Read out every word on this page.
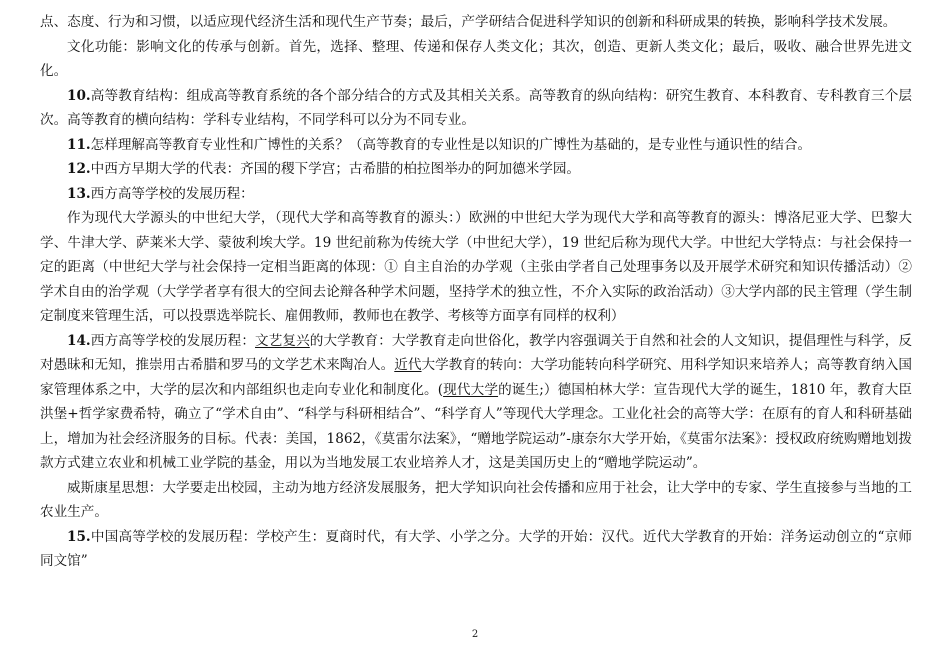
点、态度、行为和习惯，以适应现代经济生活和现代生产节奏；最后，产学研结合促进科学知识的创新和科研成果的转换，影响科学技术发展。

文化功能：影响文化的传承与创新。首先，选择、整理、传递和保存人类文化；其次，创造、更新人类文化；最后，吸收、融合世界先进文化。

10.高等教育结构：组成高等教育系统的各个部分结合的方式及其相关关系。高等教育的纵向结构：研究生教育、本科教育、专科教育三个层次。高等教育的横向结构：学科专业结构，不同学科可以分为不同专业。

11.怎样理解高等教育专业性和广博性的关系？（高等教育的专业性是以知识的广博性为基础的，是专业性与通识性的结合。

12.中西方早期大学的代表：齐国的稷下学宫；古希腊的柏拉图举办的阿加德米学园。

13.西方高等学校的发展历程：

作为现代大学源头的中世纪大学，（现代大学和高等教育的源头：）欧洲的中世纪大学为现代大学和高等教育的源头：博洛尼亚大学、巴黎大学、牛津大学、萨莱米大学、蒙彼利埃大学。19 世纪前称为传统大学（中世纪大学），19 世纪后称为现代大学。中世纪大学特点：与社会保持一定的距离（中世纪大学与社会保持一定相当距离的体现：① 自主自治的办学观（主张由学者自己处理事务以及开展学术研究和知识传播活动）② 学术自由的治学观（大学学者享有很大的空间去论辩各种学术问题，坚持学术的独立性，不介入实际的政治活动）③大学内部的民主管理（学生制定制度来管理生活，可以投票选举院长、雇佣教师，教师也在教学、考核等方面享有同样的权利）

14.西方高等学校的发展历程：文艺复兴的大学教育：大学教育走向世俗化，教学内容强调关于自然和社会的人文知识，提倡理性与科学，反对愚昧和无知，推崇用古希腊和罗马的文学艺术来陶冶人。近代大学教育的转向：大学功能转向科学研究、用科学知识来培养人；高等教育纳入国家管理体系之中，大学的层次和内部组织也走向专业化和制度化。(现代大学的诞生;）德国柏林大学：宣告现代大学的诞生，1810 年，教育大臣洪堡+哲学家费希特，确立了“学术自由”、“科学与科研相结合”、“科学育人”等现代大学理念。工业化社会的高等大学：在原有的育人和科研基础上，增加为社会经济服务的目标。代表：美国，1862，《莫雷尔法案》，“赠地学院运动”-康奈尔大学开始，《莫雷尔法案》：授权政府统购赠地划拨款方式建立农业和机械工业学院的基金，用以为当地发展工农业培养人才，这是美国历史上的“赠地学院运动”。

威斯康星思想：大学要走出校园，主动为地方经济发展服务，把大学知识向社会传播和应用于社会，让大学中的专家、学生直接参与当地的工农业生产。

15.中国高等学校的发展历程：学校产生：夏商时代，有大学、小学之分。大学的开始：汉代。近代大学教育的开始：洋务运动创立的“京师同文馆”

2
